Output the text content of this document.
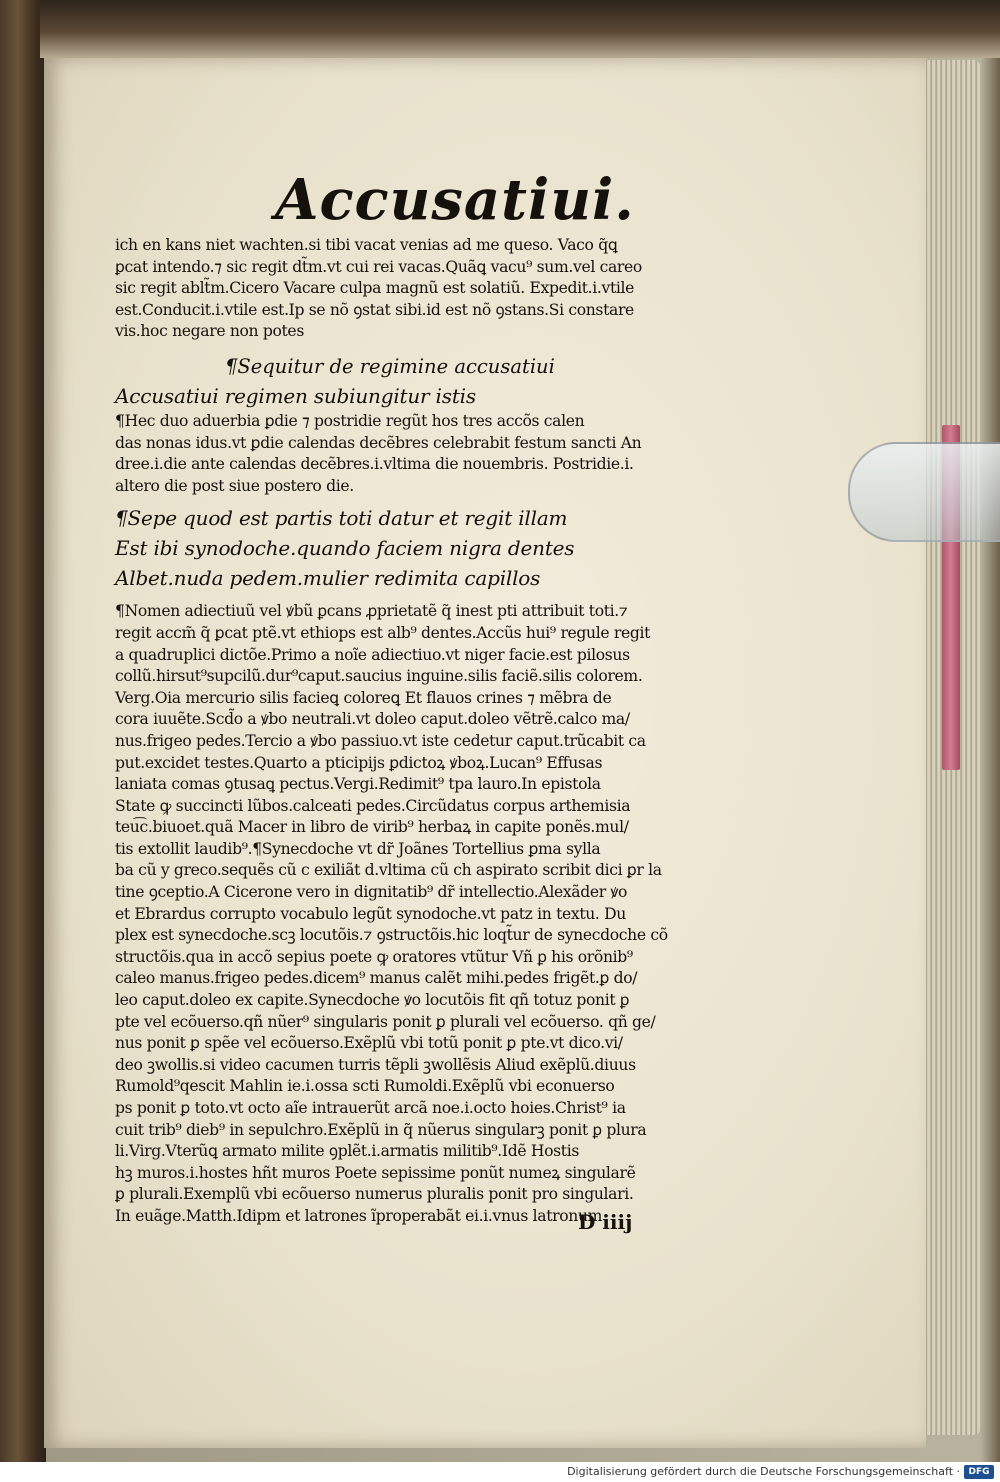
Accusatiui.
ich en kans niet wachten.si tibi vacat venias ad me queso. Vaco q̃ꝗ
ꝑcat intendo.⁊ sic regit dt̃m.vt cui rei vacas.Quãꝗ vacu⁹ sum.vel careo
sic regit ablt̃m.Cicero Vacare culpa magnũ est solatiũ. Expedit.i.vtile
est.Conducit.i.vtile est.Ip se nõ ꝯstat sibi.id est nõ ꝯstans.Si constare
vis.hoc negare non potes
¶Sequitur de regimine accusatiui
Accusatiui regimen subiungitur istis
¶Hec duo aduerbia ꝑdie ⁊ postridie regũt hos tres accõs calen
das nonas idus.vt ꝑdie calendas decẽbres celebrabit festum sancti An
dree.i.die ante calendas decẽbres.i.vltima die nouembris. Postridie.i.
altero die post siue postero die.
¶Sepe quod est partis toti datur et regit illam
Est ibi synodoche.quando faciem nigra dentes
Albet.nuda pedem.mulier redimita capillos
¶Nomen adiectiuũ vel ꝟbũ ꝑcans ꝓprietatẽ q̃ inest pti attribuit toti.⁊
regit accm̃ q̃ ꝑcat ptẽ.vt ethiops est alb⁹ dentes.Accũs hui⁹ regule regit
a quadruplici dictõe.Primo a noĩe adiectiuo.vt niger facie.est pilosus
collũ.hirsut⁹supcilũ.dur⁹caput.saucius inguine.silis faciẽ.silis colorem.
Verg.Oia mercurio silis facieꝗ coloreꝗ Et flauos crines ⁊ mẽbra de
cora iuuẽte.Scd̃o a ꝟbo neutrali.vt doleo caput.doleo vẽtrẽ.calco ma/
nus.frigeo pedes.Tercio a ꝟbo passiuo.vt iste cedetur caput.trũcabit ca
put.excidet testes.Quarto a pticipijs ꝑdictoꝝ ꝟboꝝ.Lucan⁹ Effusas
laniata comas ꝯtusaꝗ pectus.Vergi.Redimit⁹ tpa lauro.In epistola
State ꝙ succincti lũbos.calceati pedes.Circũdatus corpus arthemisia
teu͡c.biuoet.quã Macer in libro de virib⁹ herbaꝝ in capite ponẽs.mul/
tis extollit laudib⁹.¶Synecdoche vt dr̃ Joãnes Tortellius ꝑma sylla
ba cũ y greco.sequẽs cũ c exiliãt d.vltima cũ ch aspirato scribit dici ꝑr la
tine ꝯceptio.A Cicerone vero in dignitatib⁹ dr̃ intellectio.Alexãder ꝟo
et Ebrardus corrupto vocabulo legũt synodoche.vt patz in textu. Du
plex est synecdoche.scꝫ locutõis.⁊ ꝯstructõis.hic loqt̃ur de synecdoche cõ
structõis.qua in accõ sepius poete ꝙ oratores vtũtur Vñ ꝑ his orõnib⁹
caleo manus.frigeo pedes.dicem⁹ manus calẽt mihi.pedes frigẽt.ꝑ do/
leo caput.doleo ex capite.Synecdoche ꝟo locutõis fit qñ totuz ponit ꝑ
pte vel ecõuerso.qñ nũer⁹ singularis ponit ꝑ plurali vel ecõuerso. qñ ge/
nus ponit ꝑ spẽe vel ecõuerso.Exẽplũ vbi totũ ponit ꝑ pte.vt dico.vi/
deo ꝫwollis.si video cacumen turris tẽpli ꝫwollẽsis Aliud exẽplũ.diuus
Rumold⁹qescit Mahlin ie.i.ossa scti Rumoldi.Exẽplũ vbi econuerso
ps ponit ꝑ toto.vt octo aĩe intrauerũt arcã noe.i.octo hoies.Christ⁹ ia
cuit trib⁹ dieb⁹ in sepulchro.Exẽplũ in q̃ nũerus singularꝫ ponit ꝑ plura
li.Virg.Vterũꝗ armato milite ꝯplẽt.i.armatis militib⁹.Idẽ Hostis
hꝫ muros.i.hostes hñt muros Poete sepissime ponũt numeꝝ singularẽ
ꝑ plurali.Exemplũ vbi ecõuerso numerus pluralis ponit pro singulari.
In euãge.Matth.Idipm et latrones ĩproperabãt ei.i.vnus latronum
D iiij
Digitalisierung gefördert durch die Deutsche Forschungsgemeinschaft · DFG
